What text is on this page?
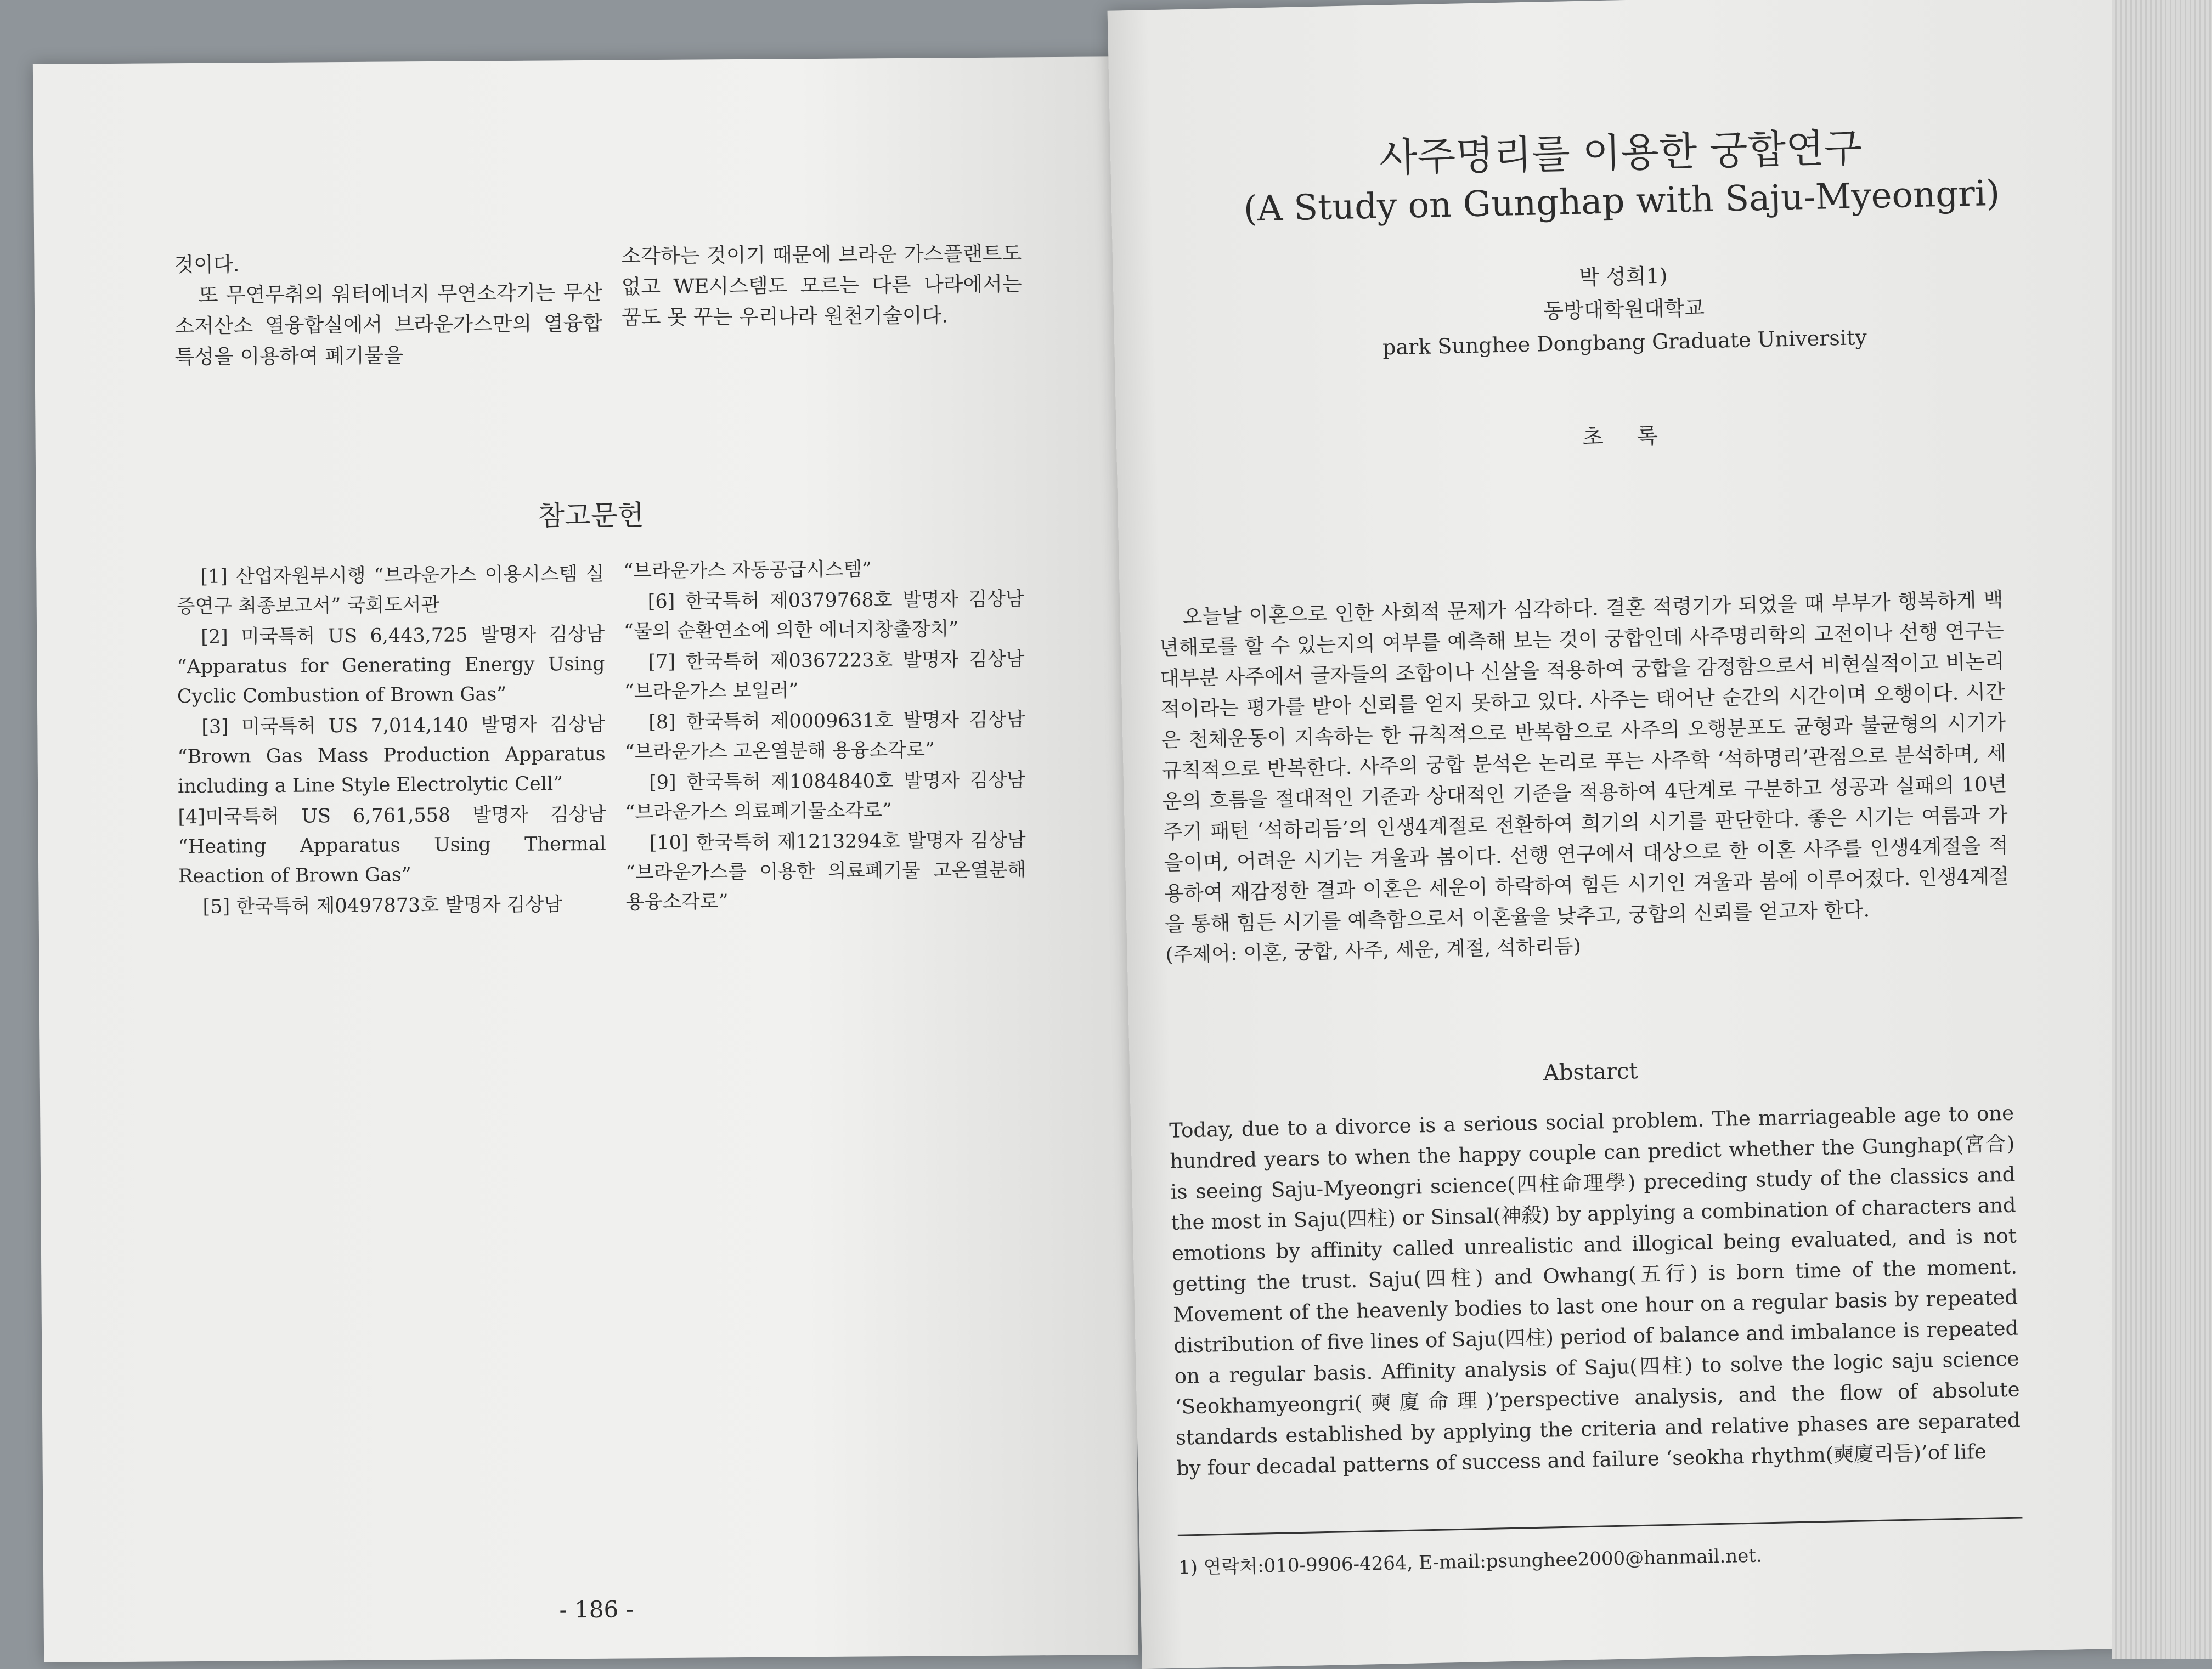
것이다.

또 무연무취의 워터에너지 무연소각기는 무산소저산소 열융합실에서 브라운가스만의 열융합특성을 이용하여 폐기물을

소각하는 것이기 때문에 브라운 가스플랜트도 없고 WE시스템도 모르는 다른 나라에서는 꿈도 못 꾸는 우리나라 원천기술이다.

참고문헌

[1] 산업자원부시행 “브라운가스 이용시스템 실증연구 최종보고서” 국회도서관

[2] 미국특허 US 6,443,725 발명자 김상남 “Apparatus for Generating Energy Using Cyclic Combustion of Brown Gas”

[3] 미국특허 US 7,014,140 발명자 김상남 “Brown Gas Mass Production Apparatus including a Line Style Electrolytic Cell”

[4]미국특허 US 6,761,558 발명자 김상남 “Heating Apparatus Using Thermal Reaction of Brown Gas”

[5] 한국특허 제0497873호 발명자 김상남

“브라운가스 자동공급시스템”

[6] 한국특허 제0379768호 발명자 김상남 “물의 순환연소에 의한 에너지창출장치”

[7] 한국특허 제0367223호 발명자 김상남 “브라운가스 보일러”

[8] 한국특허 제0009631호 발명자 김상남 “브라운가스 고온열분해 용융소각로”

[9] 한국특허 제1084840호 발명자 김상남 “브라운가스 의료폐기물소각로”

[10] 한국특허 제1213294호 발명자 김상남 “브라운가스를 이용한 의료폐기물 고온열분해 용융소각로”

- 186 -
사주명리를 이용한 궁합연구
(A Study on Gunghap with Saju-Myeongri)

박 성희1)

동방대학원대학교

park Sunghee Dongbang Graduate University

초 록

오늘날 이혼으로 인한 사회적 문제가 심각하다. 결혼 적령기가 되었을 때 부부가 행복하게 백년해로를 할 수 있는지의 여부를 예측해 보는 것이 궁합인데 사주명리학의 고전이나 선행 연구는 대부분 사주에서 글자들의 조합이나 신살을 적용하여 궁합을 감정함으로서 비현실적이고 비논리적이라는 평가를 받아 신뢰를 얻지 못하고 있다. 사주는 태어난 순간의 시간이며 오행이다. 시간은 천체운동이 지속하는 한 규칙적으로 반복함으로 사주의 오행분포도 균형과 불균형의 시기가 규칙적으로 반복한다. 사주의 궁합 분석은 논리로 푸는 사주학 ‘석하명리’관점으로 분석하며, 세운의 흐름을 절대적인 기준과 상대적인 기준을 적용하여 4단계로 구분하고 성공과 실패의 10년주기 패턴 ‘석하리듬’의 인생4계절로 전환하여 희기의 시기를 판단한다. 좋은 시기는 여름과 가을이며, 어려운 시기는 겨울과 봄이다. 선행 연구에서 대상으로 한 이혼 사주를 인생4계절을 적용하여 재감정한 결과 이혼은 세운이 하락하여 힘든 시기인 겨울과 봄에 이루어졌다. 인생4계절을 통해 힘든 시기를 예측함으로서 이혼율을 낮추고, 궁합의 신뢰를 얻고자 한다.

(주제어: 이혼, 궁합, 사주, 세운, 계절, 석하리듬)

Abstarct

Today, due to a divorce is a serious social problem. The marriageable age to one hundred years to when the happy couple can predict whether the Gunghap(宮合) is seeing Saju-Myeongri science(四柱命理學) preceding study of the classics and the most in Saju(四柱) or Sinsal(神殺) by applying a combination of characters and emotions by affinity called unrealistic and illogical being evaluated, and is not getting the trust. Saju(四柱) and Owhang(五行) is born time of the moment. Movement of the heavenly bodies to last one hour on a regular basis by repeated distribution of five lines of Saju(四柱) period of balance and imbalance is repeated on a regular basis. Affinity analysis of Saju(四柱) to solve the logic saju science ‘Seokhamyeongri(奭廈命理)’perspective analysis, and the flow of absolute standards established by applying the criteria and relative phases are separated by four decadal patterns of success and failure ‘seokha rhythm(奭廈리듬)’of life

1) 연락처:010-9906-4264, E-mail:psunghee2000@hanmail.net.
